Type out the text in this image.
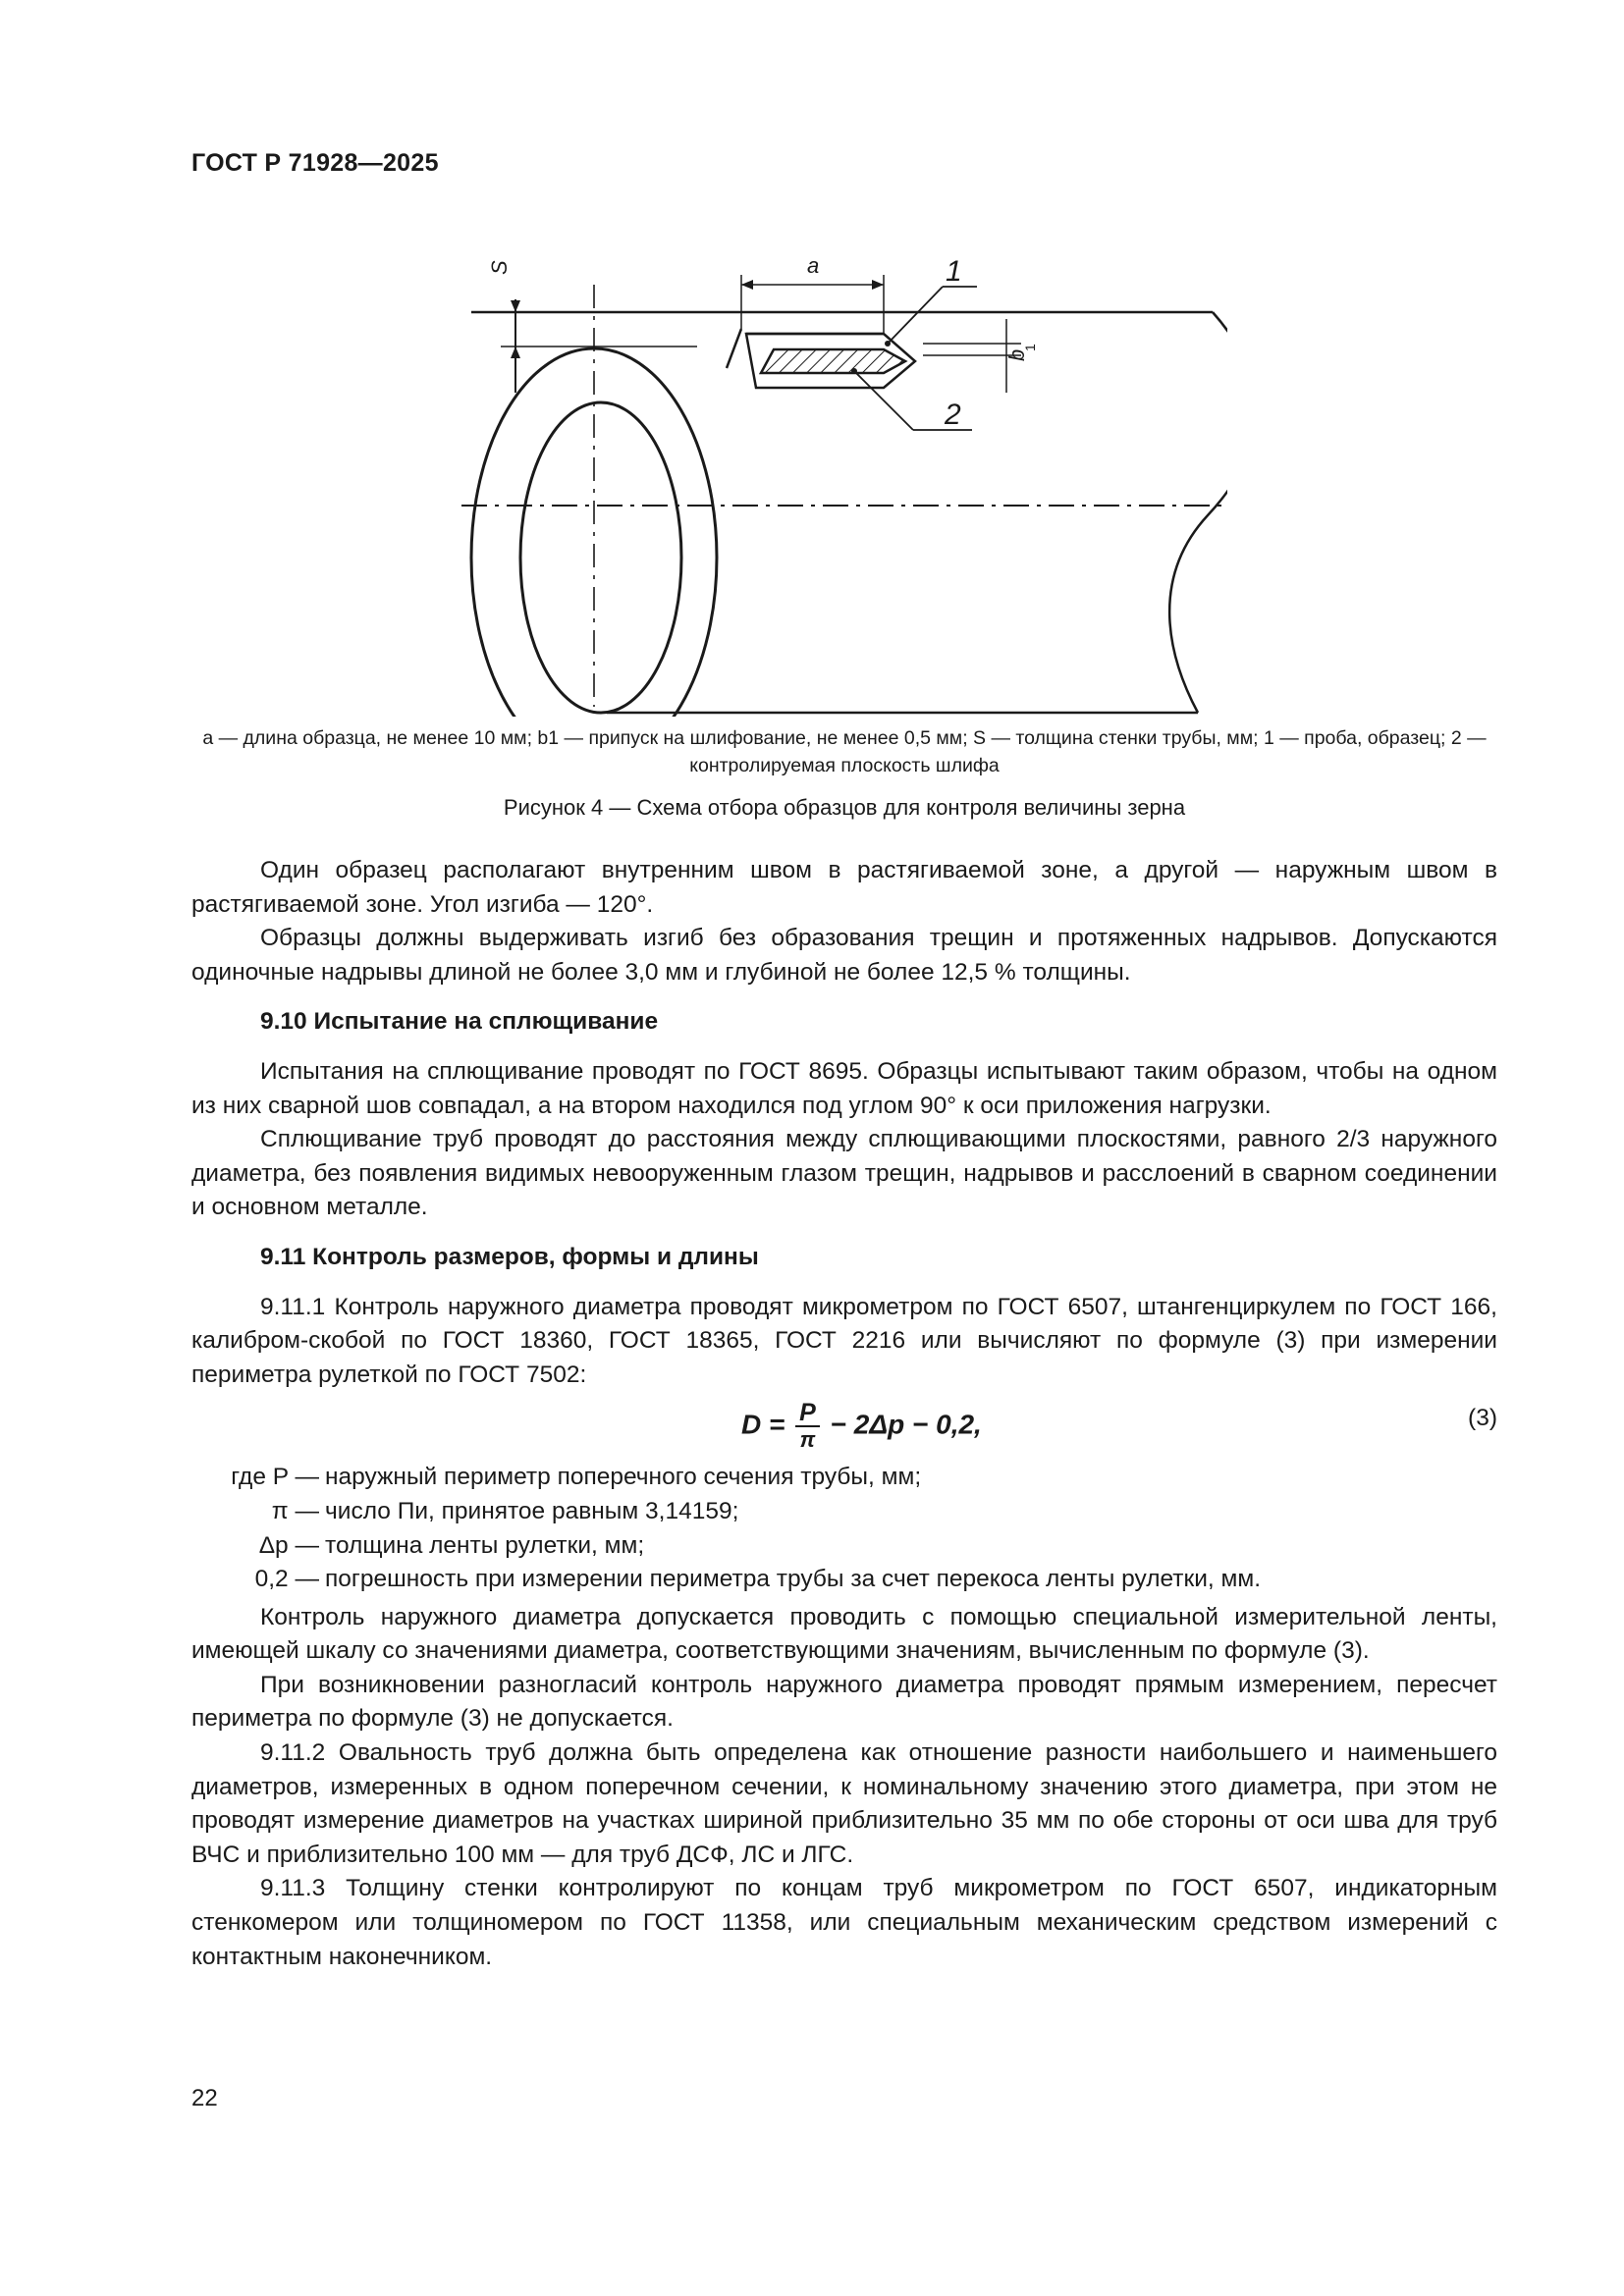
ГОСТ Р 71928—2025
a
S
b
1
1
2
a — длина образца, не менее 10 мм; b1 — припуск на шлифование, не менее 0,5 мм; S — толщина стенки трубы, мм; 1 — проба, образец; 2 — контролируемая плоскость шлифа
Рисунок 4 — Схема отбора образцов для контроля величины зерна

Один образец располагают внутренним швом в растягиваемой зоне, а другой — наружным швом в растягиваемой зоне. Угол изгиба — 120°.

Образцы должны выдерживать изгиб без образования трещин и протяженных надрывов. Допускаются одиночные надрывы длиной не более 3,0 мм и глубиной не более 12,5 % толщины.

9.10 Испытание на сплющивание

Испытания на сплющивание проводят по ГОСТ 8695. Образцы испытывают таким образом, чтобы на одном из них сварной шов совпадал, а на втором находился под углом 90° к оси приложения нагрузки.

Сплющивание труб проводят до расстояния между сплющивающими плоскостями, равного 2/3 наружного диаметра, без появления видимых невооруженным глазом трещин, надрывов и расслоений в сварном соединении и основном металле.

9.11 Контроль размеров, формы и длины

9.11.1 Контроль наружного диаметра проводят микрометром по ГОСТ 6507, штангенциркулем по ГОСТ 166, калибром-скобой по ГОСТ 18360, ГОСТ 18365, ГОСТ 2216 или вычисляют по формуле (3) при измерении периметра рулеткой по ГОСТ 7502:

$D = \frac{P}{\pi} - 2\Delta p - 0,2$,	(3)
где P — наружный периметр поперечного сечения трубы, мм;
π — число Пи, принятое равным 3,14159;
Δp — толщина ленты рулетки, мм;
0,2 — погрешность при измерении периметра трубы за счет перекоса ленты рулетки, мм.

Контроль наружного диаметра допускается проводить с помощью специальной измерительной ленты, имеющей шкалу со значениями диаметра, соответствующими значениям, вычисленным по формуле (3).

При возникновении разногласий контроль наружного диаметра проводят прямым измерением, пересчет периметра по формуле (3) не допускается.

9.11.2 Овальность труб должна быть определена как отношение разности наибольшего и наименьшего диаметров, измеренных в одном поперечном сечении, к номинальному значению этого диаметра, при этом не проводят измерение диаметров на участках шириной приблизительно 35 мм по обе стороны от оси шва для труб ВЧС и приблизительно 100 мм — для труб ДСФ, ЛС и ЛГС.

9.11.3 Толщину стенки контролируют по концам труб микрометром по ГОСТ 6507, индикаторным стенкомером или толщиномером по ГОСТ 11358, или специальным механическим средством измерений с контактным наконечником.

22
